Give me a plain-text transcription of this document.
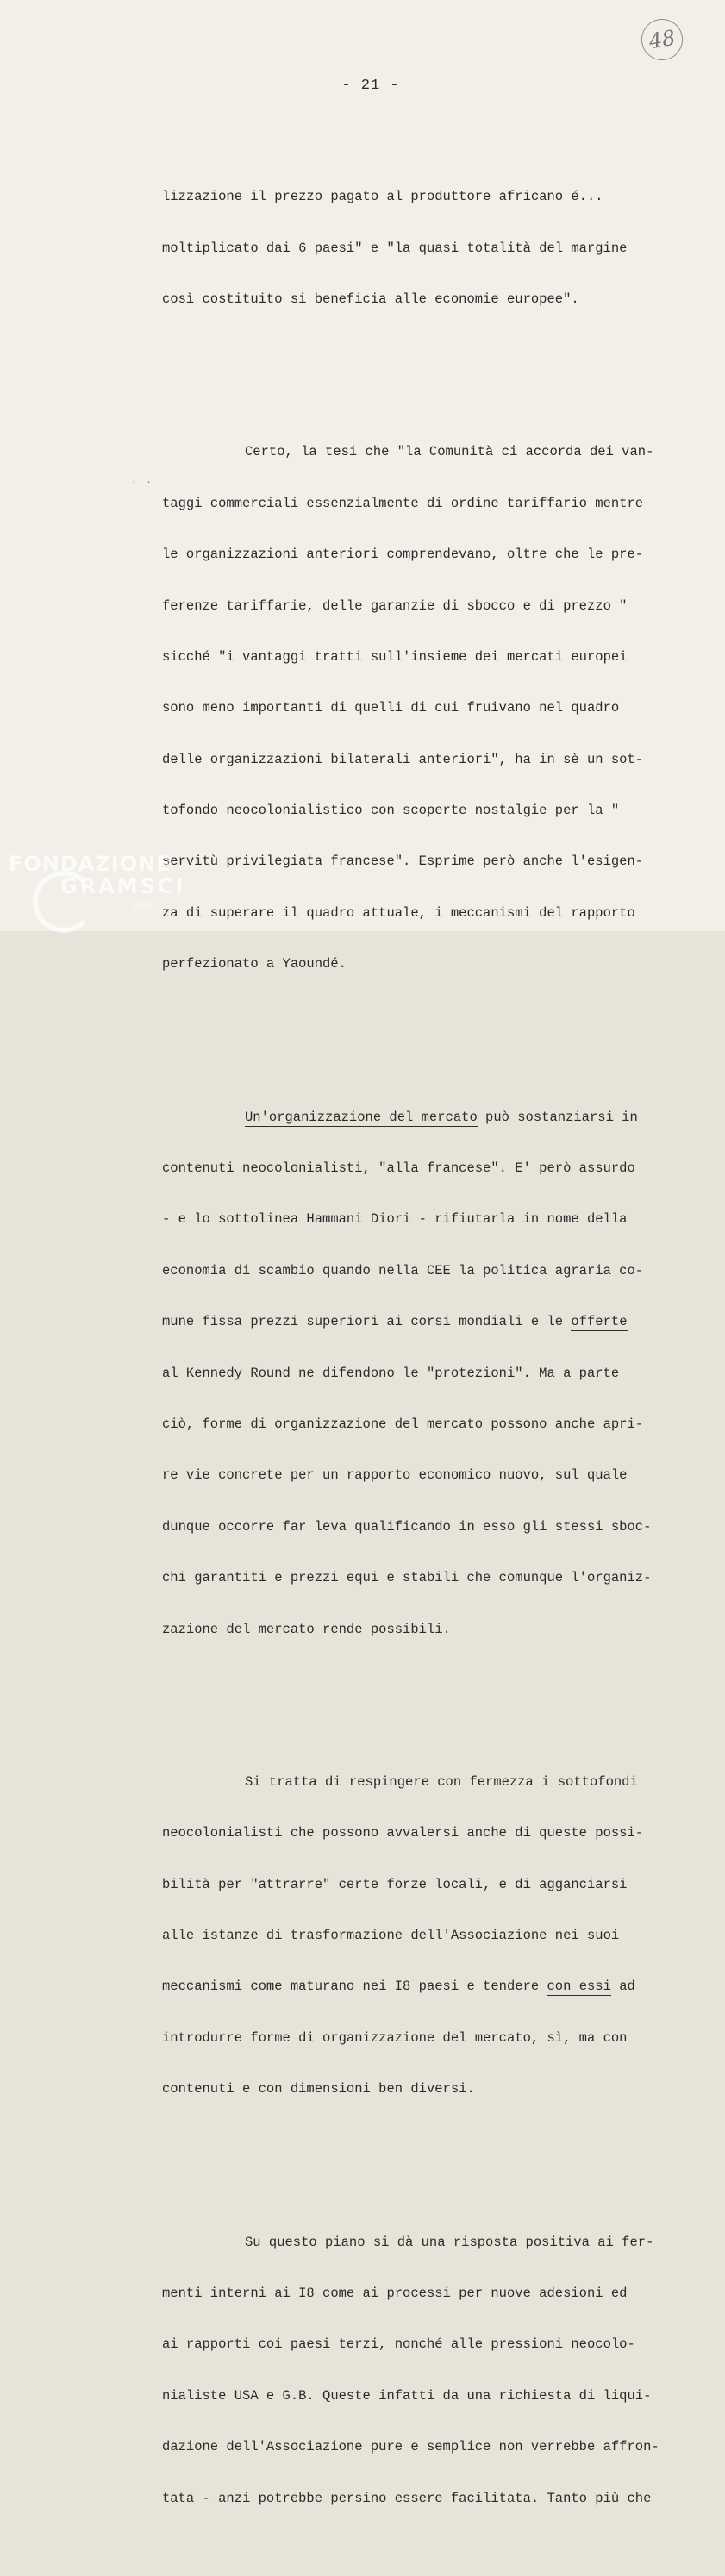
- 21 -
48
. .

lizzazione il prezzo pagato al produttore africano é...

moltiplicato dai 6 paesi" e "la quasi totalità del margine

così costituito si beneficia alle economie europee".

Certo, la tesi che "la Comunità ci accorda dei van-

taggi commerciali essenzialmente di ordine tariffario mentre

le organizzazioni anteriori comprendevano, oltre che le pre-

ferenze tariffarie, delle garanzie di sbocco e di prezzo "

sicché "i vantaggi tratti sull'insieme dei mercati europei

sono meno importanti di quelli di cui fruivano nel quadro

delle organizzazioni bilaterali anteriori", ha in sè un sot-

tofondo neocolonialistico con scoperte nostalgie per la "

servitù privilegiata francese". Esprime però anche l'esigen-

za di superare il quadro attuale, i meccanismi del rapporto

perfezionato a Yaoundé.

Un'organizzazione del mercato può sostanziarsi in

contenuti neocolonialisti, "alla francese". E' però assurdo

- e lo sottolinea Hammani Diori - rifiutarla in nome della

economia di scambio quando nella CEE la politica agraria co-

mune fissa prezzi superiori ai corsi mondiali e le offerte

al Kennedy Round ne difendono le "protezioni". Ma a parte

ciò, forme di organizzazione del mercato possono anche apri-

re vie concrete per un rapporto economico nuovo, sul quale

dunque occorre far leva qualificando in esso gli stessi sboc-

chi garantiti e prezzi equi e stabili che comunque l'organiz-

zazione del mercato rende possibili.

Si tratta di respingere con fermezza i sottofondi

neocolonialisti che possono avvalersi anche di queste possi-

bilità per "attrarre" certe forze locali, e di agganciarsi

alle istanze di trasformazione dell'Associazione nei suoi

meccanismi come maturano nei I8 paesi e tendere con essi ad

introdurre forme di organizzazione del mercato, sì, ma con

contenuti e con dimensioni ben diversi.

Su questo piano si dà una risposta positiva ai fer-

menti interni ai I8 come ai processi per nuove adesioni ed

ai rapporti coi paesi terzi, nonché alle pressioni neocolo-

nialiste USA e G.B. Queste infatti da una richiesta di liqui-

dazione dell'Associazione pure e semplice non verrebbe affron-

tata - anzi potrebbe persino essere facilitata. Tanto più che

FONDAZIONE
GRAMSCI
onlus
